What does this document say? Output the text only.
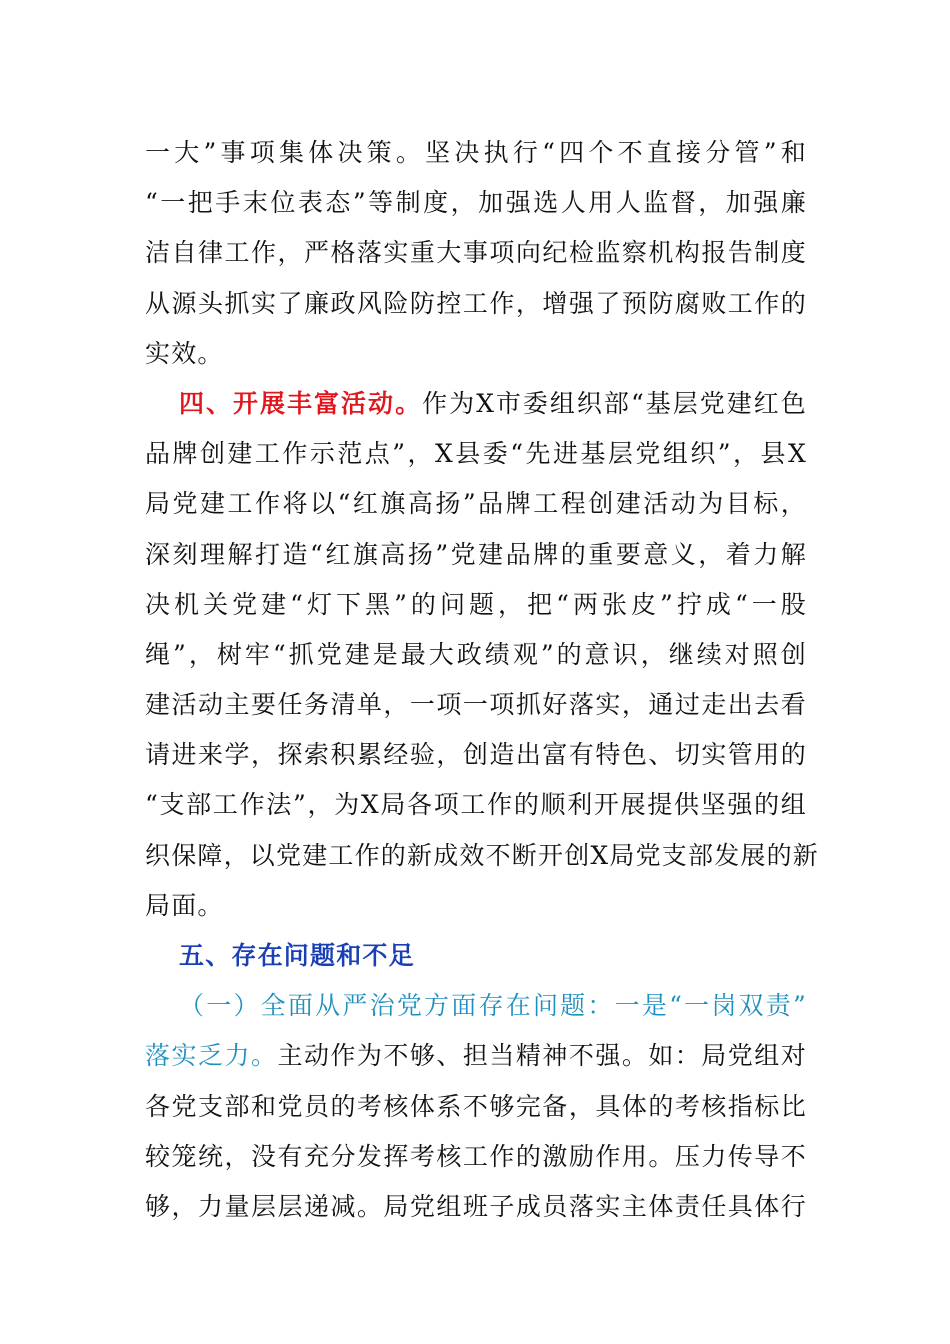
一大”事项集体决策。坚决执行“四个不直接分管”和
“一把手末位表态”等制度，加强选人用人监督，加强廉
洁自律工作，严格落实重大事项向纪检监察机构报告制度
从源头抓实了廉政风险防控工作，增强了预防腐败工作的
实效。
四、开展丰富活动。作为X市委组织部“基层党建红色
品牌创建工作示范点”，X县委“先进基层党组织”，县X
局党建工作将以“红旗高扬”品牌工程创建活动为目标，
深刻理解打造“红旗高扬”党建品牌的重要意义，着力解
决机关党建“灯下黑”的问题，把“两张皮”拧成“一股
绳”，树牢“抓党建是最大政绩观”的意识，继续对照创
建活动主要任务清单，一项一项抓好落实，通过走出去看
请进来学，探索积累经验，创造出富有特色、切实管用的
“支部工作法”，为X局各项工作的顺利开展提供坚强的组
织保障，以党建工作的新成效不断开创X局党支部发展的新
局面。
五、存在问题和不足
（一）全面从严治党方面存在问题：一是“一岗双责”
落实乏力。主动作为不够、担当精神不强。如：局党组对
各党支部和党员的考核体系不够完备，具体的考核指标比
较笼统，没有充分发挥考核工作的激励作用。压力传导不
够，力量层层递减。局党组班子成员落实主体责任具体行
